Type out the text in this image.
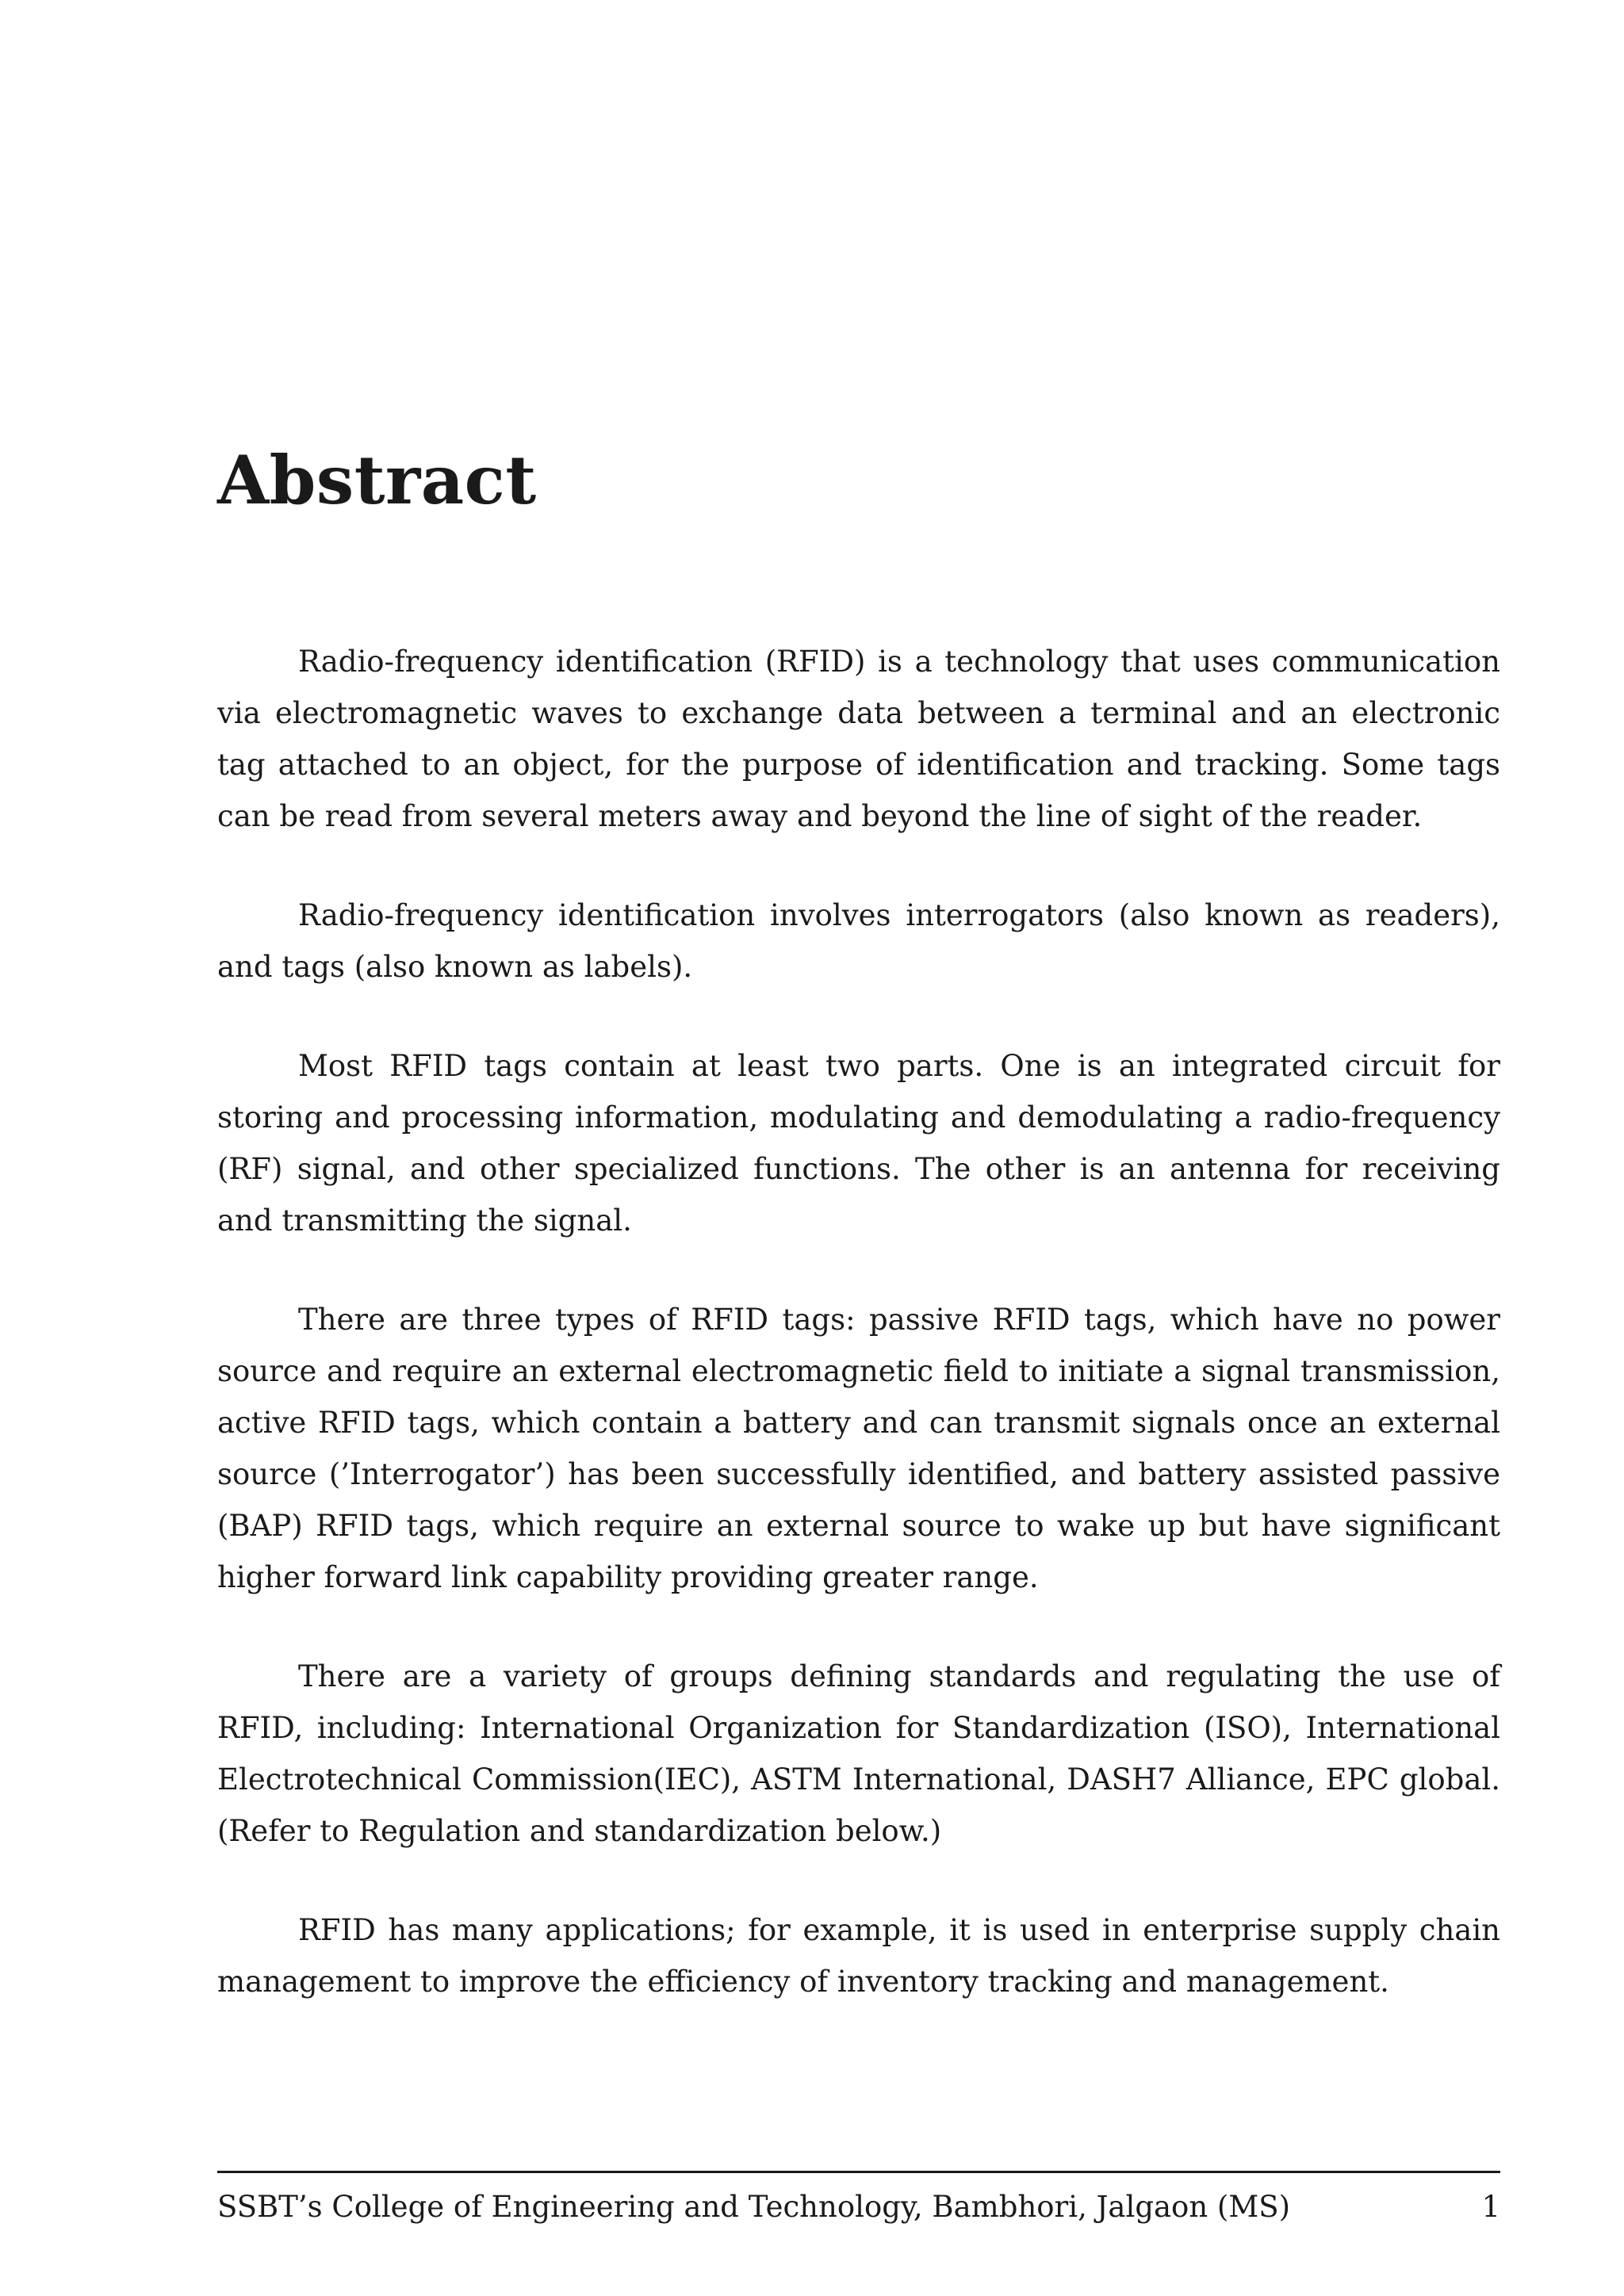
Abstract

Radio-frequency identification (RFID) is a technology that uses communication via electromagnetic waves to exchange data between a terminal and an electronic tag attached to an object, for the purpose of identification and tracking. Some tags can be read from several meters away and beyond the line of sight of the reader.

Radio-frequency identification involves interrogators (also known as readers), and tags (also known as labels).

Most RFID tags contain at least two parts. One is an integrated circuit for storing and processing information, modulating and demodulating a radio-frequency (RF) signal, and other specialized functions. The other is an antenna for receiving and transmitting the signal.

There are three types of RFID tags: passive RFID tags, which have no power source and require an external electromagnetic field to initiate a signal transmission, active RFID tags, which contain a battery and can transmit signals once an external source (’Interrogator’) has been successfully identified, and battery assisted passive (BAP) RFID tags, which require an external source to wake up but have significant higher forward link capability providing greater range.

There are a variety of groups defining standards and regulating the use of RFID, including: International Organization for Standardization (ISO), International Electrotechnical Commission(IEC), ASTM International, DASH7 Alliance, EPC global. (Refer to Regulation and standardization below.)

RFID has many applications; for example, it is used in enterprise supply chain management to improve the efficiency of inventory tracking and management.

SSBT’s College of Engineering and Technology, Bambhori, Jalgaon (MS)	1
